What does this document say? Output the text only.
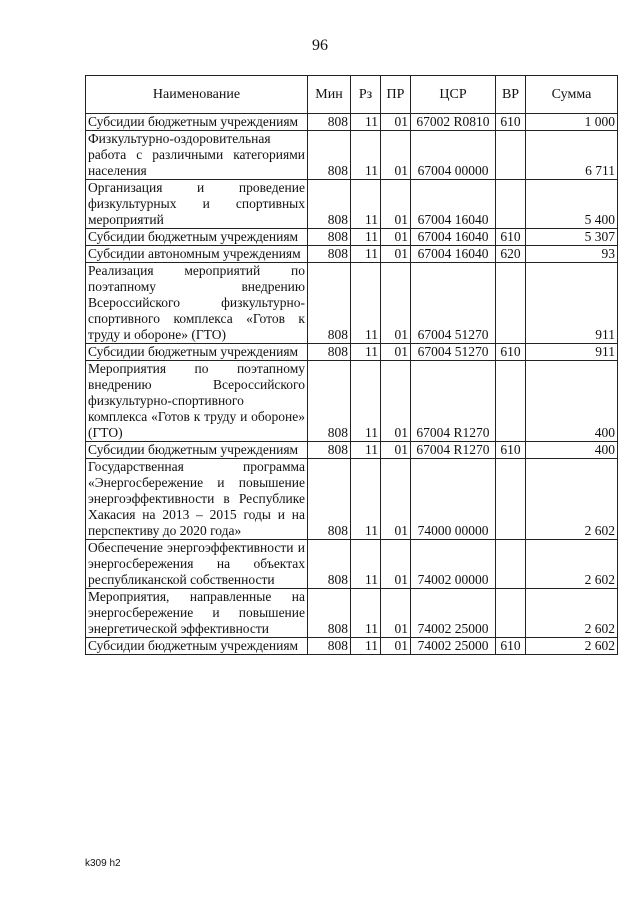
96
Наименование	Мин	Рз	ПР	ЦСР	ВР	Сумма
Субсидии бюджетным учреждениям	808	11	01	67002 R0810	610	1 000
Физкультурно-оздоровительная работа с различными категориями населения	808	11	01	67004 00000		6 711
Организация и проведение физкультурных и спортивных мероприятий	808	11	01	67004 16040		5 400
Субсидии бюджетным учреждениям	808	11	01	67004 16040	610	5 307
Субсидии автономным учреждениям	808	11	01	67004 16040	620	93
Реализация мероприятий по поэтапному внедрению Всероссийского физкультурно-спортивного комплекса «Готов к труду и обороне» (ГТО)	808	11	01	67004 51270		911
Субсидии бюджетным учреждениям	808	11	01	67004 51270	610	911
Мероприятия по поэтапному внедрению Всероссийского физкультурно-спортивного комплекса «Готов к труду и обороне» (ГТО)	808	11	01	67004 R1270		400
Субсидии бюджетным учреждениям	808	11	01	67004 R1270	610	400
Государственная программа «Энергосбережение и повышение энергоэффективности в Республике Хакасия на 2013 – 2015 годы и на перспективу до 2020 года»	808	11	01	74000 00000		2 602
Обеспечение энергоэффективности и энергосбережения на объектах республиканской собственности	808	11	01	74002 00000		2 602
Мероприятия, направленные на энергосбережение и повышение энергетической эффективности	808	11	01	74002 25000		2 602
Субсидии бюджетным учреждениям	808	11	01	74002 25000	610	2 602
k309 h2
